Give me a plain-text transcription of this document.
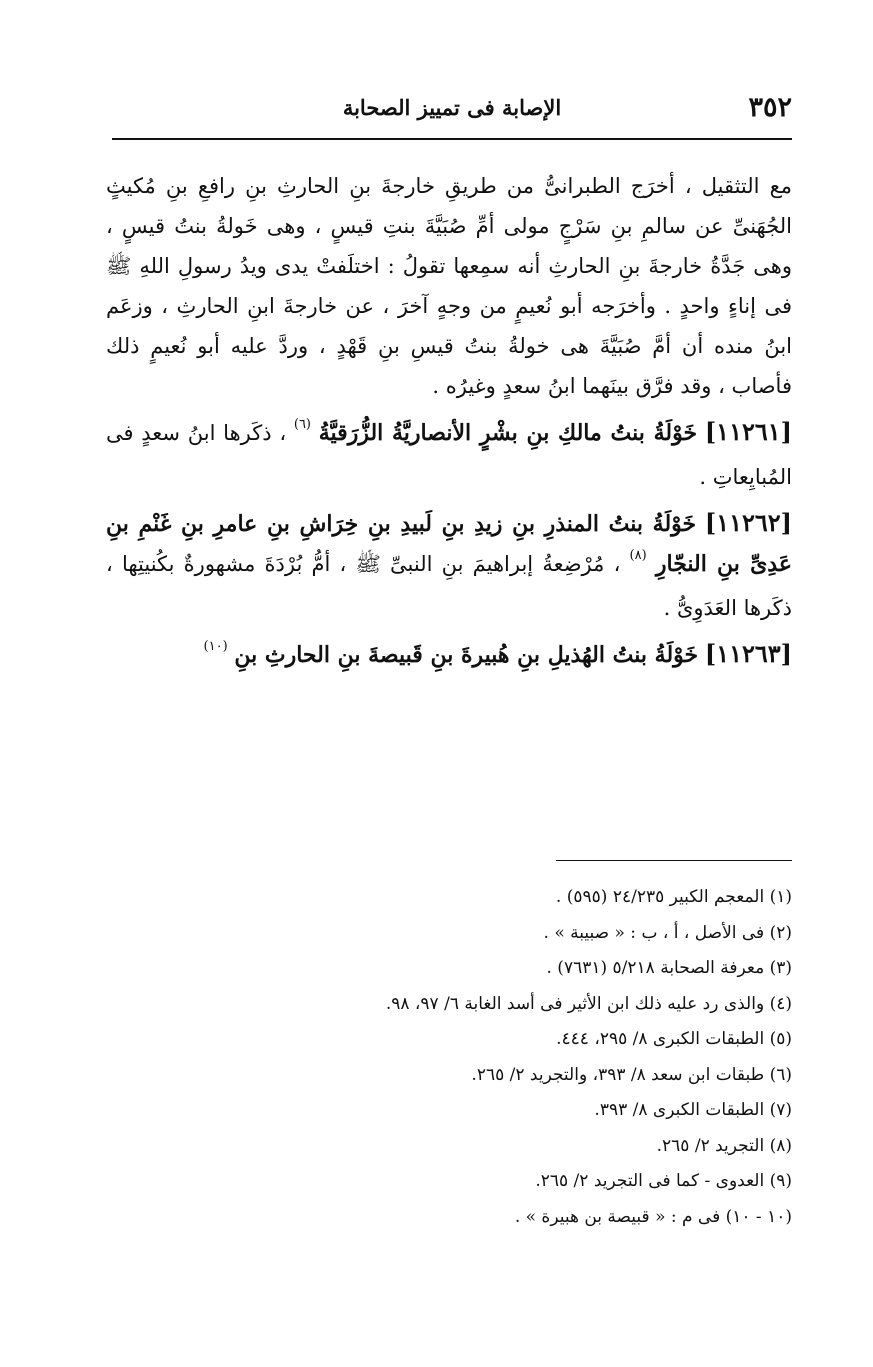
٣٥٢
الإصابة فى تمييز الصحابة

مع التثقيل ، أخرَج الطبرانىُّ من طريقِ خارجةَ بنِ الحارثِ بنِ رافعِ بنِ مُكيثٍ الجُهَنىِّ عن سالمِ بنِ سَرْجٍ مولى أمِّ صُبَيَّةَ بنتِ قيسٍ ، وهى خَولةُ بنتُ قيسٍ ، وهى جَدَّةُ خارجةَ بنِ الحارثِ أنه سمِعها تقولُ : اختلَفتْ يدى ويدُ رسولِ اللهِ ﷺ فى إناءٍ واحدٍ . وأخرَجه أبو نُعيمٍ من وجهٍ آخرَ ، عن خارجةَ ابنِ الحارثِ ، وزعَم ابنُ منده أن أمَّ صُبَيَّةَ هى خولةُ بنتُ قيسِ بنِ قَهْدٍ ، وردَّ عليه أبو نُعيمٍ ذلك فأصاب ، وقد فرَّق بينَهما ابنُ سعدٍ وغيرُه .

[١١٢٦١] خَوْلَةُ بنتُ مالكِ بنِ بشْرٍ الأنصاريَّةُ الزُّرَقيَّةُ $^{(٦)}$ ، ذكَرها ابنُ سعدٍ فى المُبايِعاتِ .

[١١٢٦٢] خَوْلَةُ بنتُ المنذرِ بنِ زيدِ بنِ لَبيدِ بنِ خِرَاشِ بنِ عامرِ بنِ غَنْمِ بنِ عَدِىِّ بنِ النجّارِ $^{(٨)}$ ، مُرْضِعةُ إبراهيمَ بنِ النبىِّ ﷺ ، أمُّ بُرْدَةَ مشهورةٌ بكُنيتِها ، ذكَرها العَدَوِىُّ .

[١١٢٦٣] خَوْلَةُ بنتُ الهُذيلِ بنِ هُبيرةَ بنِ قَبيصةَ بنِ الحارثِ بنِ $^{(١٠)}$

(١) المعجم الكبير ٢٤/٢٣٥ (٥٩٥) .
(٢) فى الأصل ، أ ، ب : « صبيبة » .
(٣) معرفة الصحابة ٥/٢١٨ (٧٦٣١) .
(٤) والذى رد عليه ذلك ابن الأثير فى أسد الغابة ٦/ ٩٧، ٩٨.
(٥) الطبقات الكبرى ٨/ ٢٩٥، ٤٤٤.
(٦) طبقات ابن سعد ٨/ ٣٩٣، والتجريد ٢/ ٢٦٥.
(٧) الطبقات الكبرى ٨/ ٣٩٣.
(٨) التجريد ٢/ ٢٦٥.
(٩) العدوى - كما فى التجريد ٢/ ٢٦٥.
(١٠ - ١٠) فى م : « قبيصة بن هبيرة » .
